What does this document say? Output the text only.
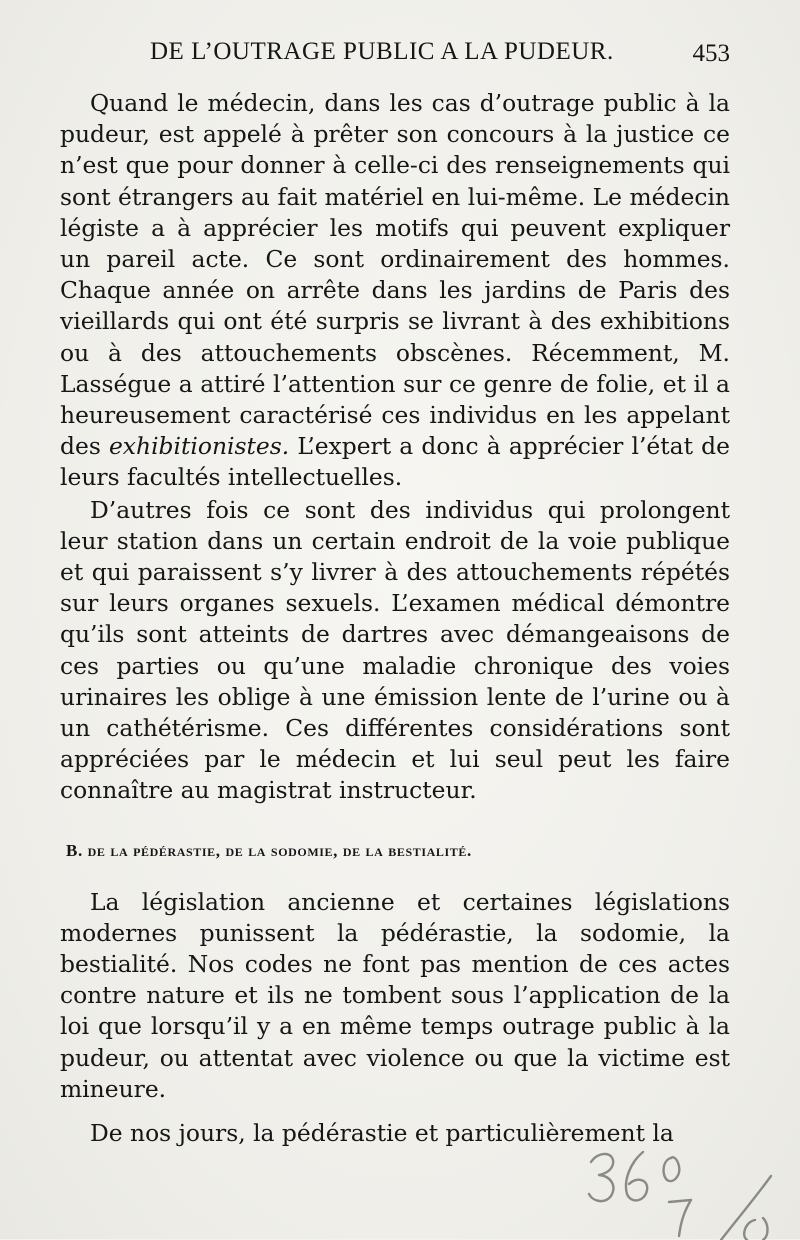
DE L’OUTRAGE PUBLIC A LA PUDEUR.	453

Quand le médecin, dans les cas d’outrage public à la pudeur, est appelé à prêter son concours à la justice ce n’est que pour donner à celle-ci des renseignements qui sont étrangers au fait matériel en lui-même. Le médecin légiste a à apprécier les motifs qui peuvent expliquer un pareil acte. Ce sont ordinairement des hommes. Chaque année on arrête dans les jardins de Paris des vieillards qui ont été surpris se livrant à des exhibitions ou à des attouchements obscènes. Récemment, M. Lasségue a attiré l’attention sur ce genre de folie, et il a heureusement caractérisé ces individus en les appelant des exhibitionistes. L’expert a donc à apprécier l’état de leurs facultés intellectuelles.

D’autres fois ce sont des individus qui prolongent leur station dans un certain endroit de la voie publique et qui paraissent s’y livrer à des attouchements répétés sur leurs organes sexuels. L’examen médical démontre qu’ils sont atteints de dartres avec démangeaisons de ces parties ou qu’une maladie chronique des voies urinaires les oblige à une émission lente de l’urine ou à un cathétérisme. Ces différentes considérations sont appréciées par le médecin et lui seul peut les faire connaître au magistrat instructeur.

B. de la pédérastie, de la sodomie, de la bestialité.

La législation ancienne et certaines législations modernes punissent la pédérastie, la sodomie, la bestialité. Nos codes ne font pas mention de ces actes contre nature et ils ne tombent sous l’application de la loi que lorsqu’il y a en même temps outrage public à la pudeur, ou attentat avec violence ou que la victime est mineure.

De nos jours, la pédérastie et particulièrement la
